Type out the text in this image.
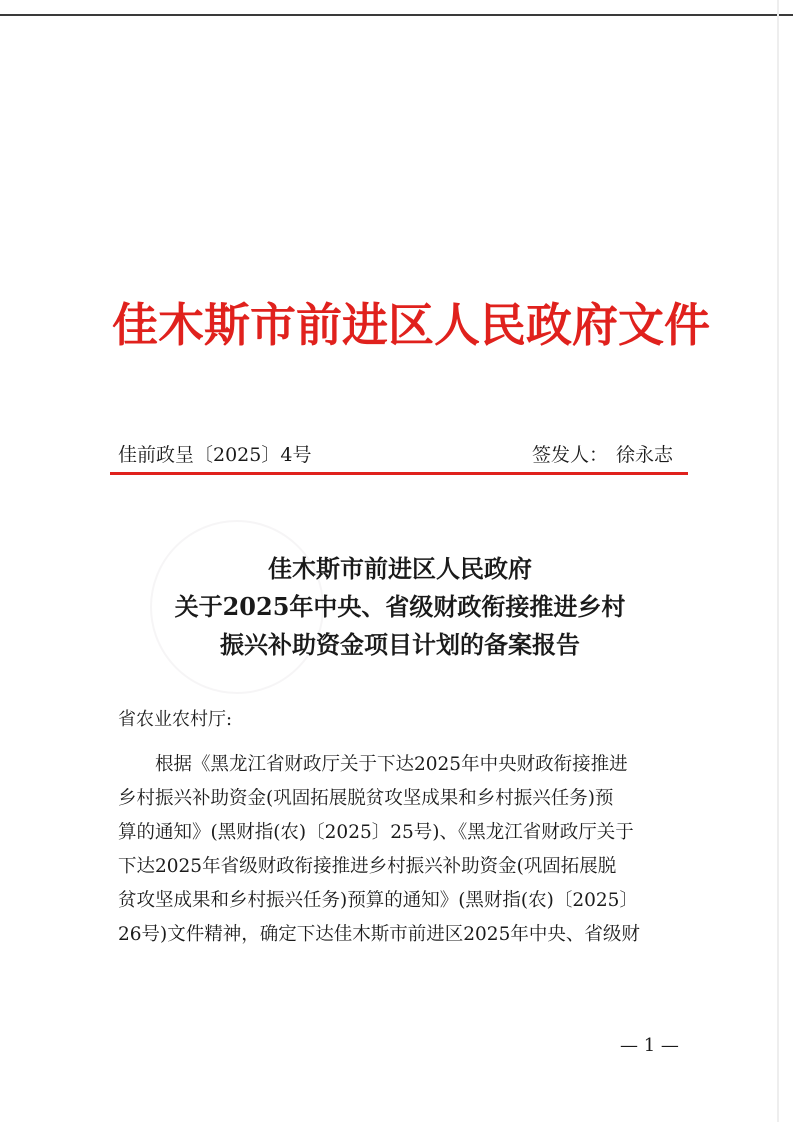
佳木斯市前进区人民政府文件
佳前政呈〔2025〕4号	签发人： 徐永志
佳木斯市前进区人民政府
关于2025年中央、省级财政衔接推进乡村
振兴补助资金项目计划的备案报告
省农业农村厅:
　　根据《黑龙江省财政厅关于下达2025年中央财政衔接推进
乡村振兴补助资金(巩固拓展脱贫攻坚成果和乡村振兴任务)预
算的通知》(黑财指(农)〔2025〕25号)、《黑龙江省财政厅关于
下达2025年省级财政衔接推进乡村振兴补助资金(巩固拓展脱
贫攻坚成果和乡村振兴任务)预算的通知》(黑财指(农)〔2025〕
26号)文件精神，确定下达佳木斯市前进区2025年中央、省级财
— 1 —
